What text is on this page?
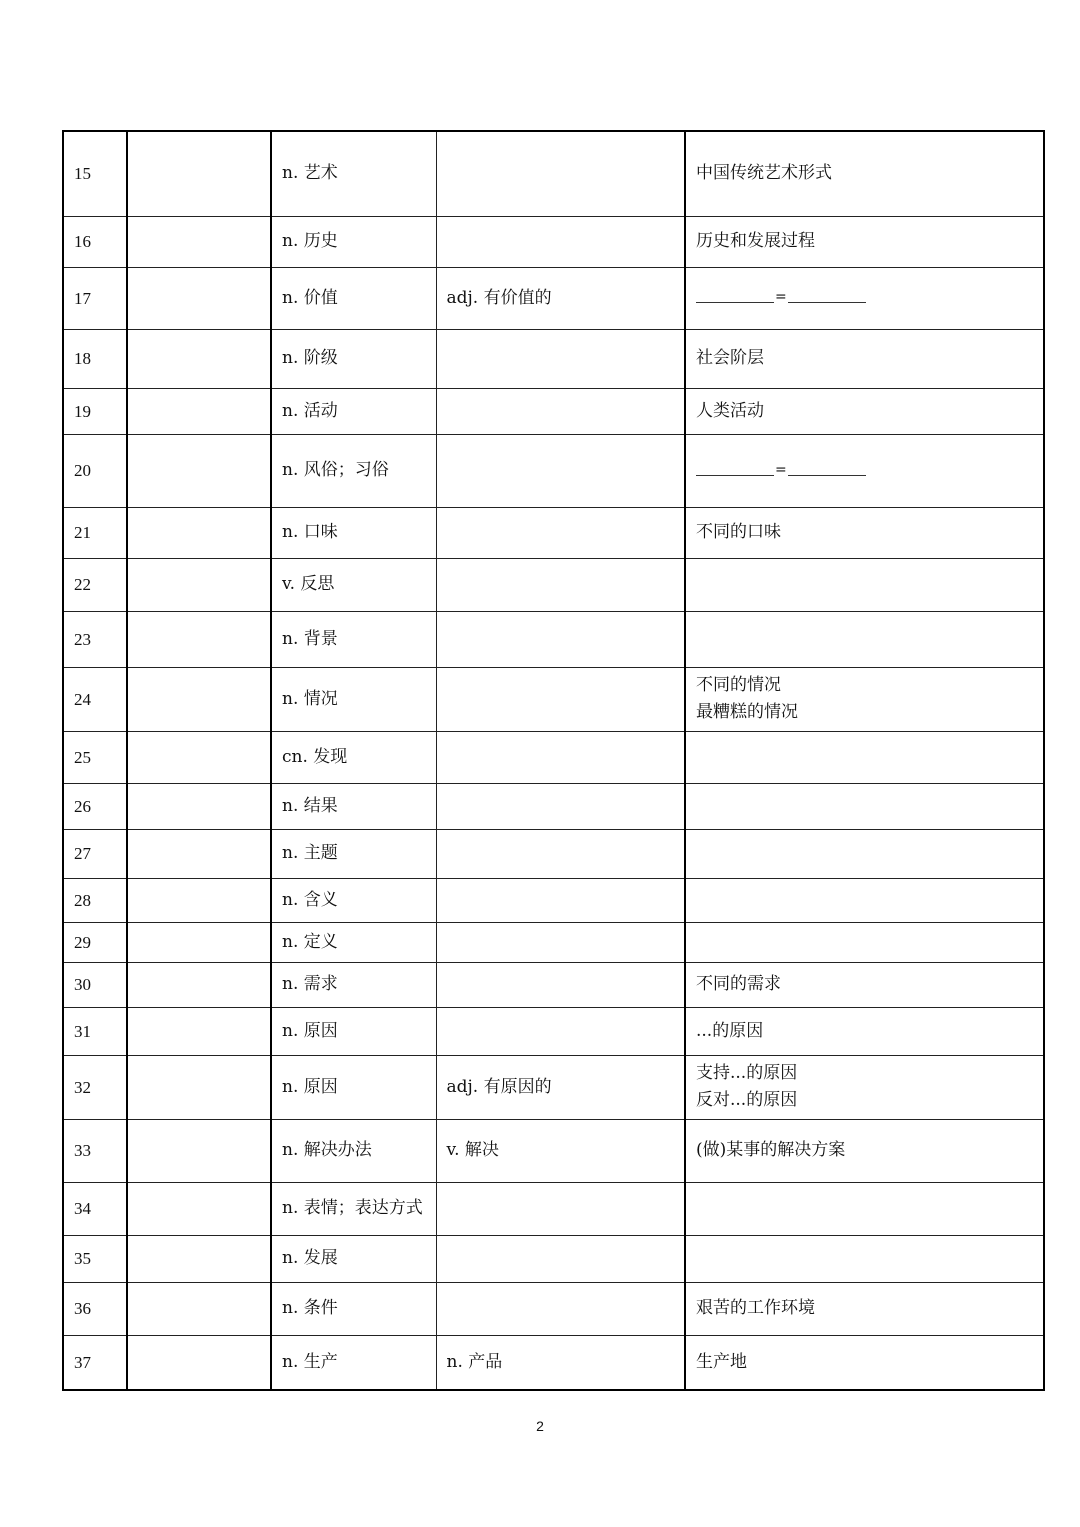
15		n. 艺术		中国传统艺术形式

16		n. 历史		历史和发展过程

17		n. 价值	adj. 有价值的	=
18		n. 阶级		社会阶层

19		n. 活动		人类活动

20		n. 风俗；习俗		=
21		n. 口味		不同的口味

22		v. 反思		
23		n. 背景		
24		n. 情况		不同的情况
最糟糕的情况

25		cn. 发现		
26		n. 结果		
27		n. 主题		
28		n. 含义		
29		n. 定义		
30		n. 需求		不同的需求

31		n. 原因		...的原因

32		n. 原因	adj. 有原因的	支持...的原因
反对...的原因

33		n. 解决办法	v. 解决	(做)某事的解决方案

34		n. 表情；表达方式		
35		n. 发展		
36		n. 条件		艰苦的工作环境

37		n. 生产	n. 产品	生产地
2
